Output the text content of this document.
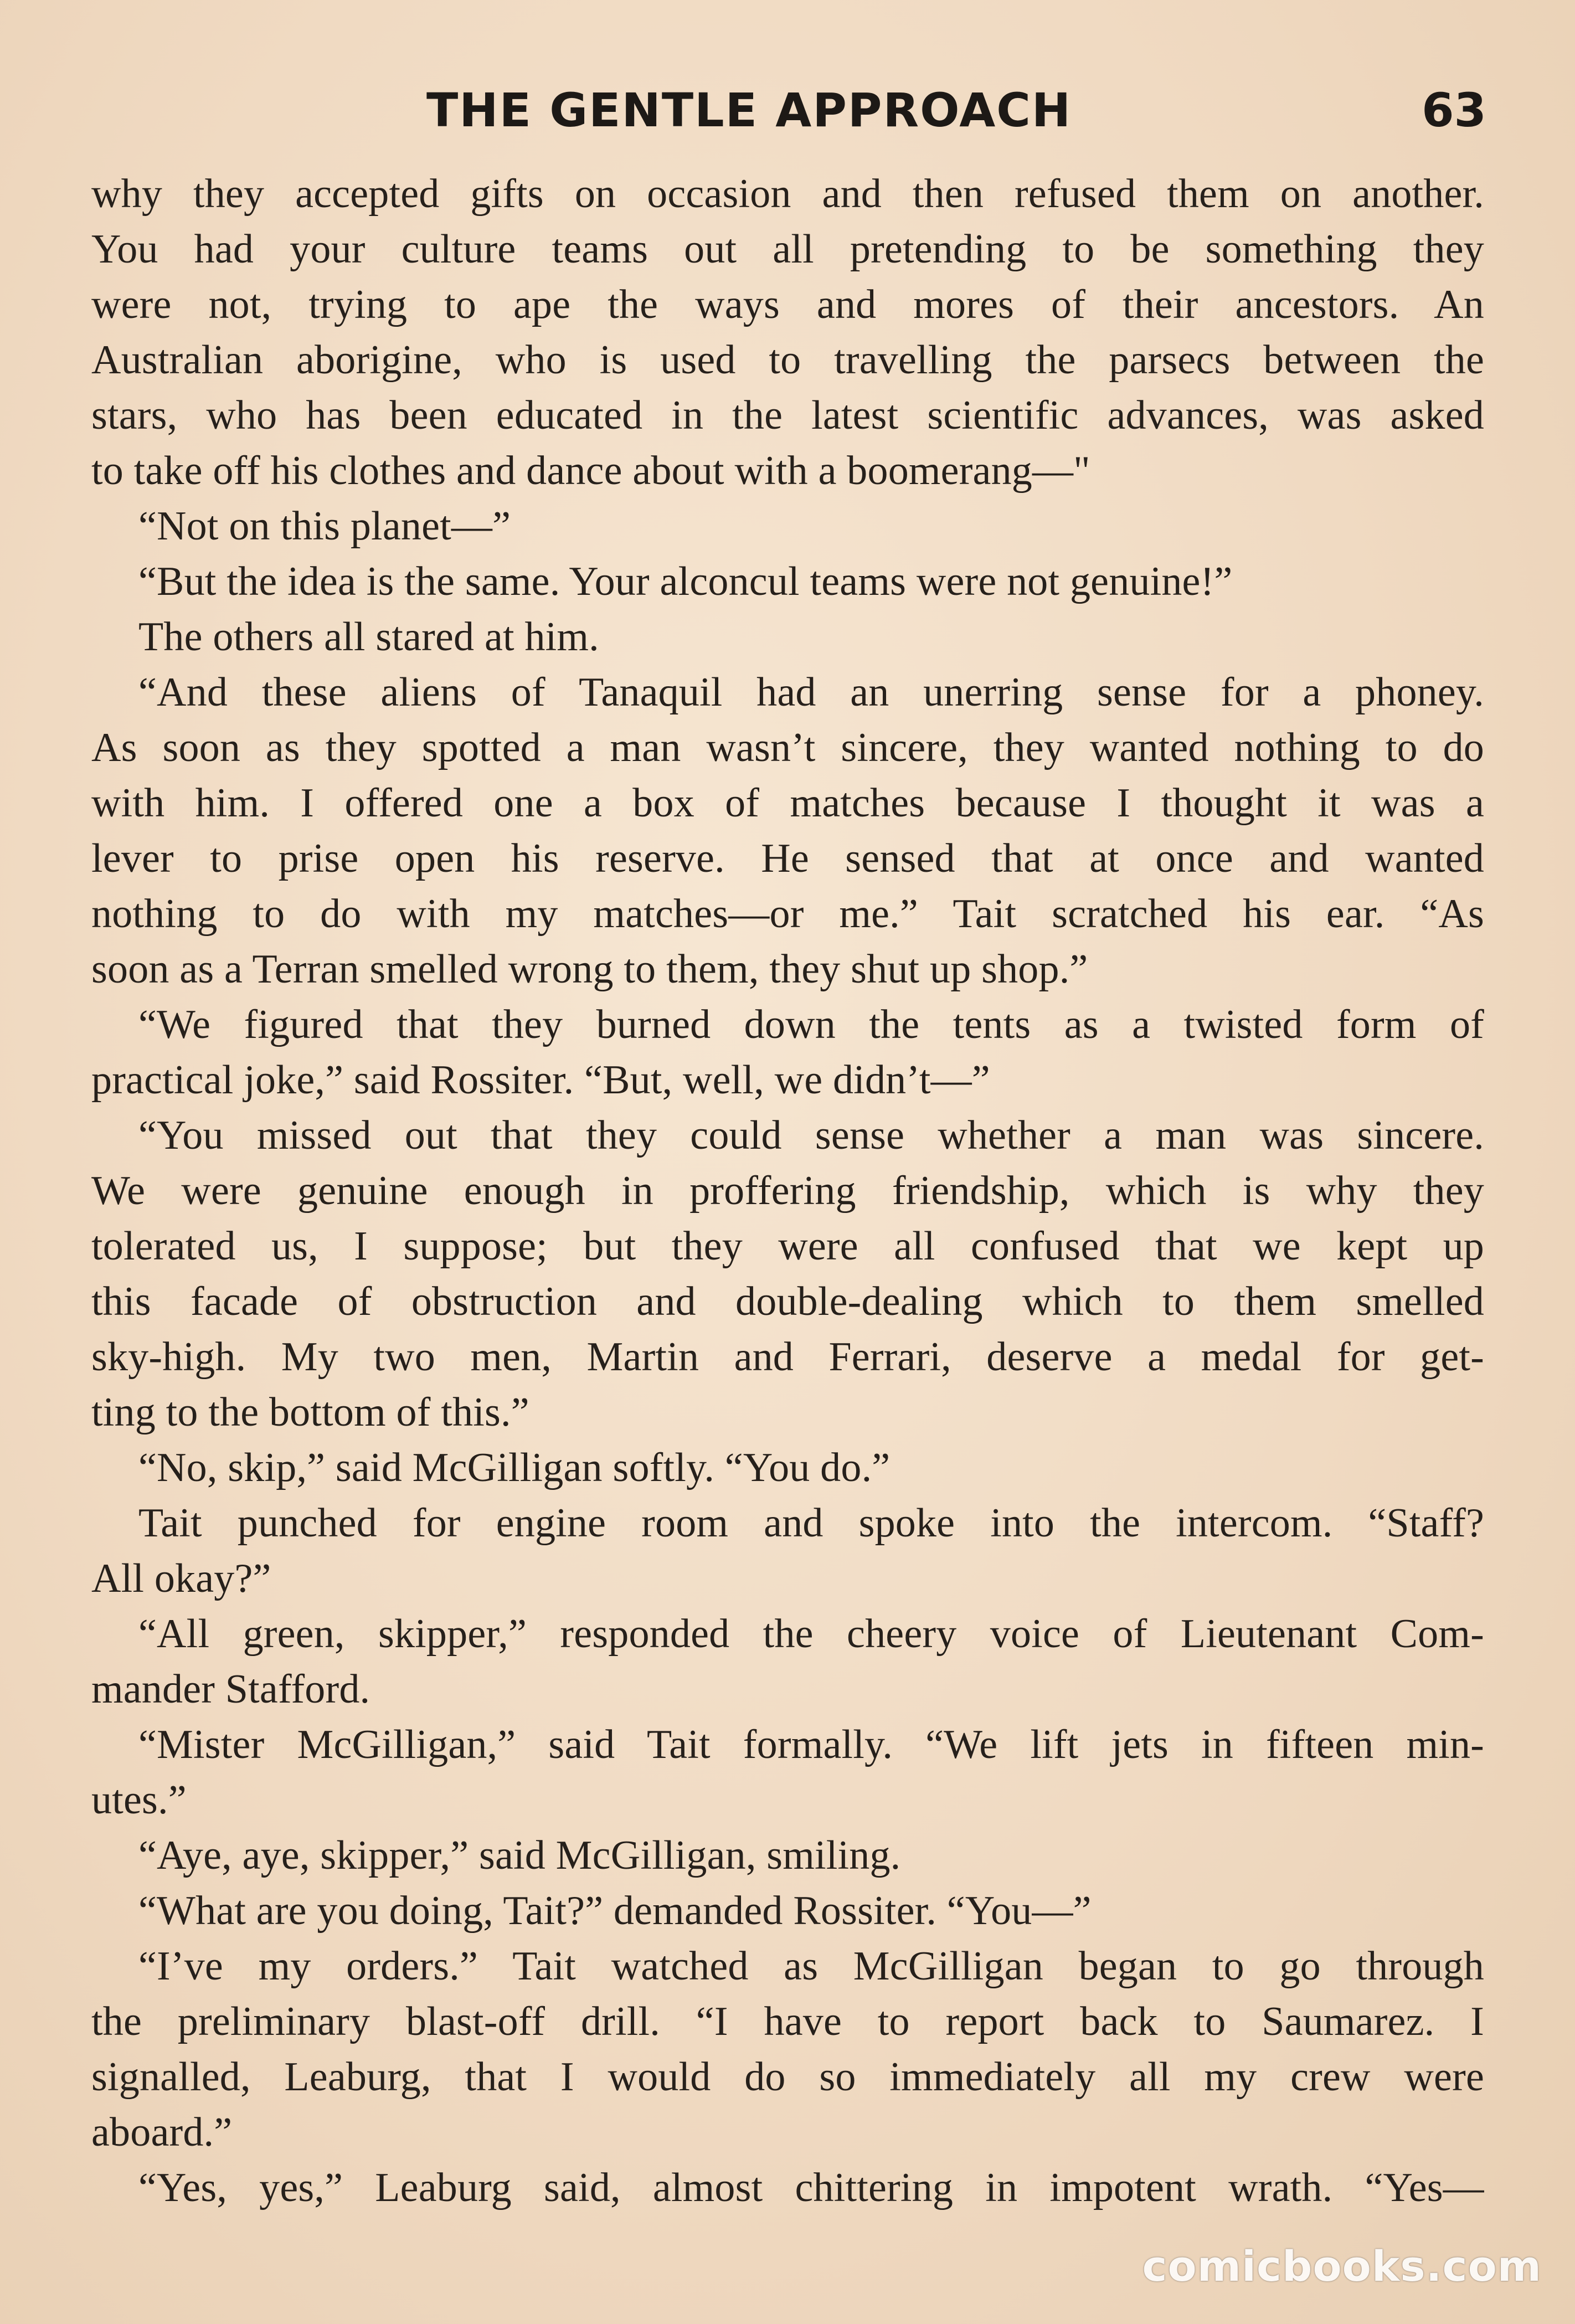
THE GENTLE APPROACH	63
why they accepted gifts on occasion and then refused them on another.
You had your culture teams out all pretending to be something they
were not, trying to ape the ways and mores of their ancestors. An
Australian aborigine, who is used to travelling the parsecs between the
stars, who has been educated in the latest scientific advances, was asked
to take off his clothes and dance about with a boomerang—"
“Not on this planet—”
“But the idea is the same. Your alconcul teams were not genuine!”
The others all stared at him.
“And these aliens of Tanaquil had an unerring sense for a phoney.
As soon as they spotted a man wasn’t sincere, they wanted nothing to do
with him. I offered one a box of matches because I thought it was a
lever to prise open his reserve. He sensed that at once and wanted
nothing to do with my matches—or me.” Tait scratched his ear. “As
soon as a Terran smelled wrong to them, they shut up shop.”
“We figured that they burned down the tents as a twisted form of
practical joke,” said Rossiter. “But, well, we didn’t—”
“You missed out that they could sense whether a man was sincere.
We were genuine enough in proffering friendship, which is why they
tolerated us, I suppose; but they were all confused that we kept up
this facade of obstruction and double-dealing which to them smelled
sky-high. My two men, Martin and Ferrari, deserve a medal for get-
ting to the bottom of this.”
“No, skip,” said McGilligan softly. “You do.”
Tait punched for engine room and spoke into the intercom. “Staff?
All okay?”
“All green, skipper,” responded the cheery voice of Lieutenant Com-
mander Stafford.
“Mister McGilligan,” said Tait formally. “We lift jets in fifteen min-
utes.”
“Aye, aye, skipper,” said McGilligan, smiling.
“What are you doing, Tait?” demanded Rossiter. “You—”
“I’ve my orders.” Tait watched as McGilligan began to go through
the preliminary blast-off drill. “I have to report back to Saumarez. I
signalled, Leaburg, that I would do so immediately all my crew were
aboard.”
“Yes, yes,” Leaburg said, almost chittering in impotent wrath. “Yes—
comicbooks.com
